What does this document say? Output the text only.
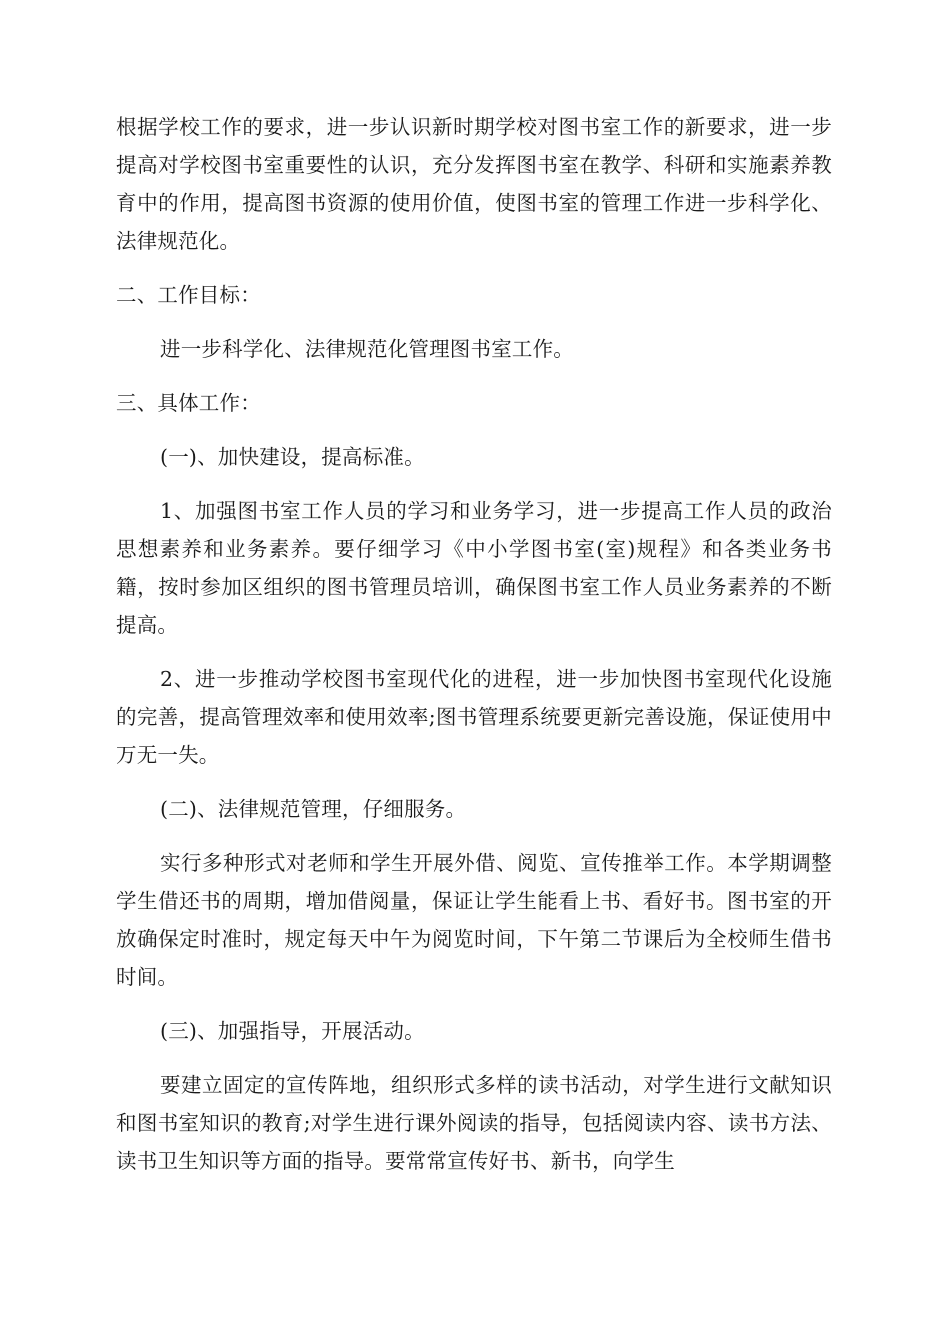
根据学校工作的要求，进一步认识新时期学校对图书室工作的新要求，进一步提高对学校图书室重要性的认识，充分发挥图书室在教学、科研和实施素养教育中的作用，提高图书资源的使用价值，使图书室的管理工作进一步科学化、法律规范化。

二、工作目标：

进一步科学化、法律规范化管理图书室工作。

三、具体工作：

(一)、加快建设，提高标准。

1、加强图书室工作人员的学习和业务学习，进一步提高工作人员的政治思想素养和业务素养。要仔细学习《中小学图书室(室)规程》和各类业务书籍，按时参加区组织的图书管理员培训，确保图书室工作人员业务素养的不断提高。

2、进一步推动学校图书室现代化的进程，进一步加快图书室现代化设施的完善，提高管理效率和使用效率;图书管理系统要更新完善设施，保证使用中万无一失。

(二)、法律规范管理，仔细服务。

实行多种形式对老师和学生开展外借、阅览、宣传推举工作。本学期调整学生借还书的周期，增加借阅量，保证让学生能看上书、看好书。图书室的开放确保定时准时，规定每天中午为阅览时间，下午第二节课后为全校师生借书时间。

(三)、加强指导，开展活动。

要建立固定的宣传阵地，组织形式多样的读书活动，对学生进行文献知识和图书室知识的教育;对学生进行课外阅读的指导，包括阅读内容、读书方法、读书卫生知识等方面的指导。要常常宣传好书、新书，向学生
